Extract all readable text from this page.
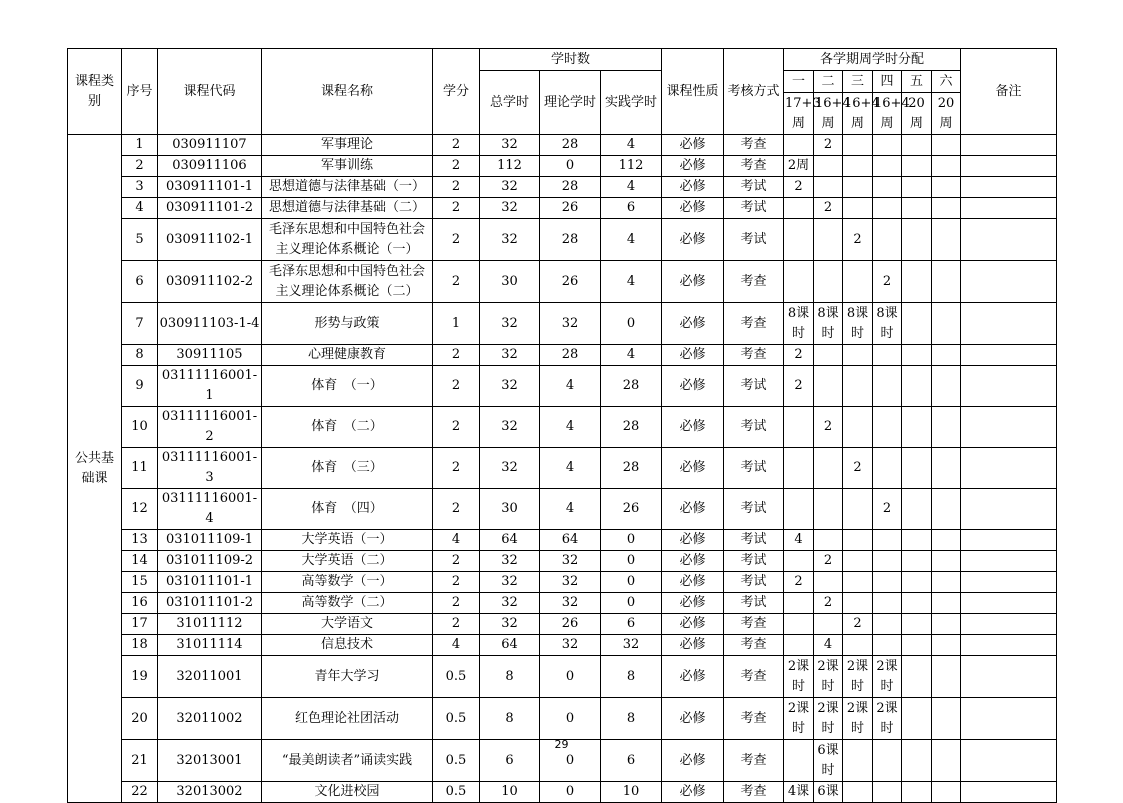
课程类别	序号	课程代码	课程名称	学分	学时数			课程性质	考核方式	各学期周学时分配						备注
					总学时	理论学时	实践学时			一	二	三	四	五	六	
										17+3周	16+4周	16+4周	16+4周	20周	20周	
公共基础课	1	030911107	军事理论	2	32	28	4	必修	考查		2					
	2	030911106	军事训练	2	112	0	112	必修	考查	2周						
	3	030911101-1	思想道德与法律基础（一）	2	32	28	4	必修	考试	2						
	4	030911101-2	思想道德与法律基础（二）	2	32	26	6	必修	考试		2					
	5	030911102-1	毛泽东思想和中国特色社会主义理论体系概论（一）	2	32	28	4	必修	考试			2				
	6	030911102-2	毛泽东思想和中国特色社会主义理论体系概论（二）	2	30	26	4	必修	考查				2			
	7	030911103-1-4	形势与政策	1	32	32	0	必修	考查	8课时	8课时	8课时	8课时			
	8	30911105	心理健康教育	2	32	28	4	必修	考查	2						
	9	03111116001-1	体育　（一）	2	32	4	28	必修	考试	2						
	10	03111116001-2	体育　（二）	2	32	4	28	必修	考试		2					
	11	03111116001-3	体育　（三）	2	32	4	28	必修	考试			2				
	12	03111116001-4	体育　（四）	2	30	4	26	必修	考试				2			
	13	031011109-1	大学英语（一）	4	64	64	0	必修	考试	4						
	14	031011109-2	大学英语（二）	2	32	32	0	必修	考试		2					
	15	031011101-1	高等数学（一）	2	32	32	0	必修	考试	2						
	16	031011101-2	高等数学（二）	2	32	32	0	必修	考试		2					
	17	31011112	大学语文	2	32	26	6	必修	考查			2				
	18	31011114	信息技术	4	64	32	32	必修	考查		4					
	19	32011001	青年大学习	0.5	8	0	8	必修	考查	2课时	2课时	2课时	2课时			
	20	32011002	红色理论社团活动	0.5	8	0	8	必修	考查	2课时	2课时	2课时	2课时			
	21	32013001	“最美朗读者”诵读实践	0.5	6	0	6	必修	考查		6课时					
	22	32013002	文化进校园	0.5	10	0	10	必修	考查	4课	6课					
29
